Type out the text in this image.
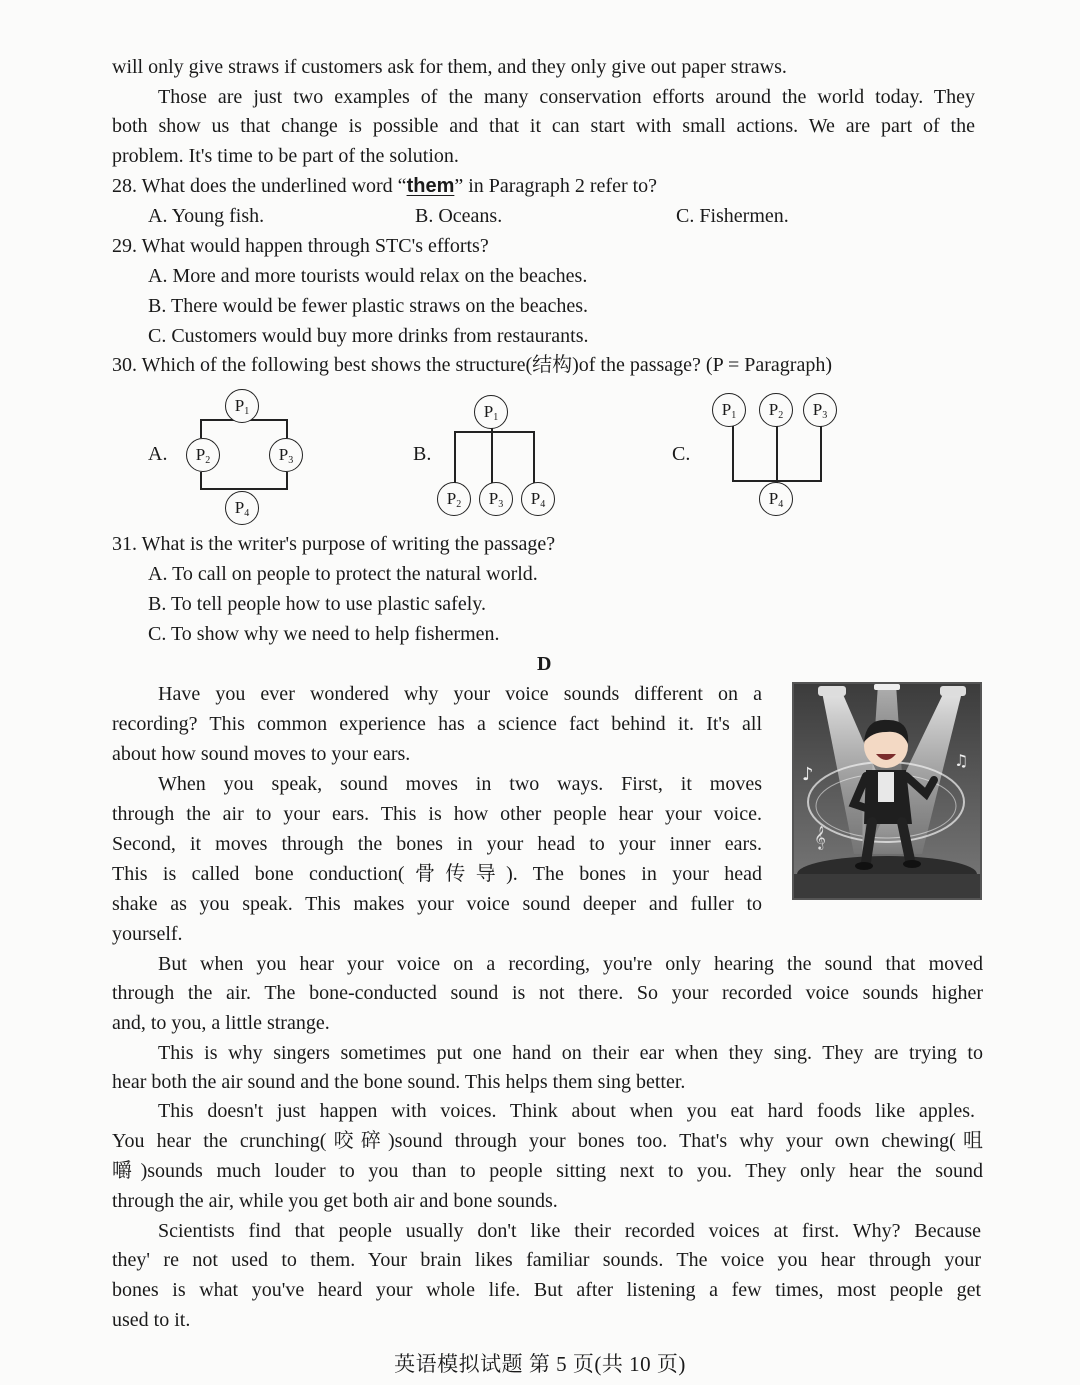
will only give straws if customers ask for them, and they only give out paper straws.
Those are just two examples of the many conservation efforts around the world today. They
both show us that change is possible and that it can start with small actions. We are part of the
problem. It's time to be part of the solution.
28. What does the underlined word “them” in Paragraph 2 refer to?
A. Young fish.	B. Oceans.	C. Fishermen.
29. What would happen through STC's efforts?
A. More and more tourists would relax on the beaches.
B. There would be fewer plastic straws on the beaches.
C. Customers would buy more drinks from restaurants.
30. Which of the following best shows the structure(结构)of the passage? (P = Paragraph)
A.
$P_1$
$P_2$	$P_3$
$P_4$
B.
$P_1$
$P_2$	$P_3$	$P_4$
C.
$P_1$	$P_2$	$P_3$
$P_4$
31. What is the writer's purpose of writing the passage?
A. To call on people to protect the natural world.
B. To tell people how to use plastic safely.
C. To show why we need to help fishermen.
D
Have you ever wondered why your voice sounds different on a
recording? This common experience has a science fact behind it. It's all
about how sound moves to your ears.
When you speak, sound moves in two ways. First, it moves
through the air to your ears. This is how other people hear your voice.
Second, it moves through the bones in your head to your inner ears.
This is called bone conduction(骨传导). The bones in your head
shake as you speak. This makes your voice sound deeper and fuller to
yourself.
But when you hear your voice on a recording, you're only hearing the sound that moved
through the air. The bone-conducted sound is not there. So your recorded voice sounds higher
and, to you, a little strange.
This is why singers sometimes put one hand on their ear when they sing. They are trying to
hear both the air sound and the bone sound. This helps them sing better.
This doesn't just happen with voices. Think about when you eat hard foods like apples.
You hear the crunching(咬碎)sound through your bones too. That's why your own chewing(咀
嚼)sounds much louder to you than to people sitting next to you. They only hear the sound
through the air, while you get both air and bone sounds.
Scientists find that people usually don't like their recorded voices at first. Why? Because
they' re not used to them. Your brain likes familiar sounds. The voice you hear through your
bones is what you've heard your whole life. But after listening a few times, most people get
used to it.
♪
𝄞
♫
英语模拟试题 第 5 页(共 10 页)
